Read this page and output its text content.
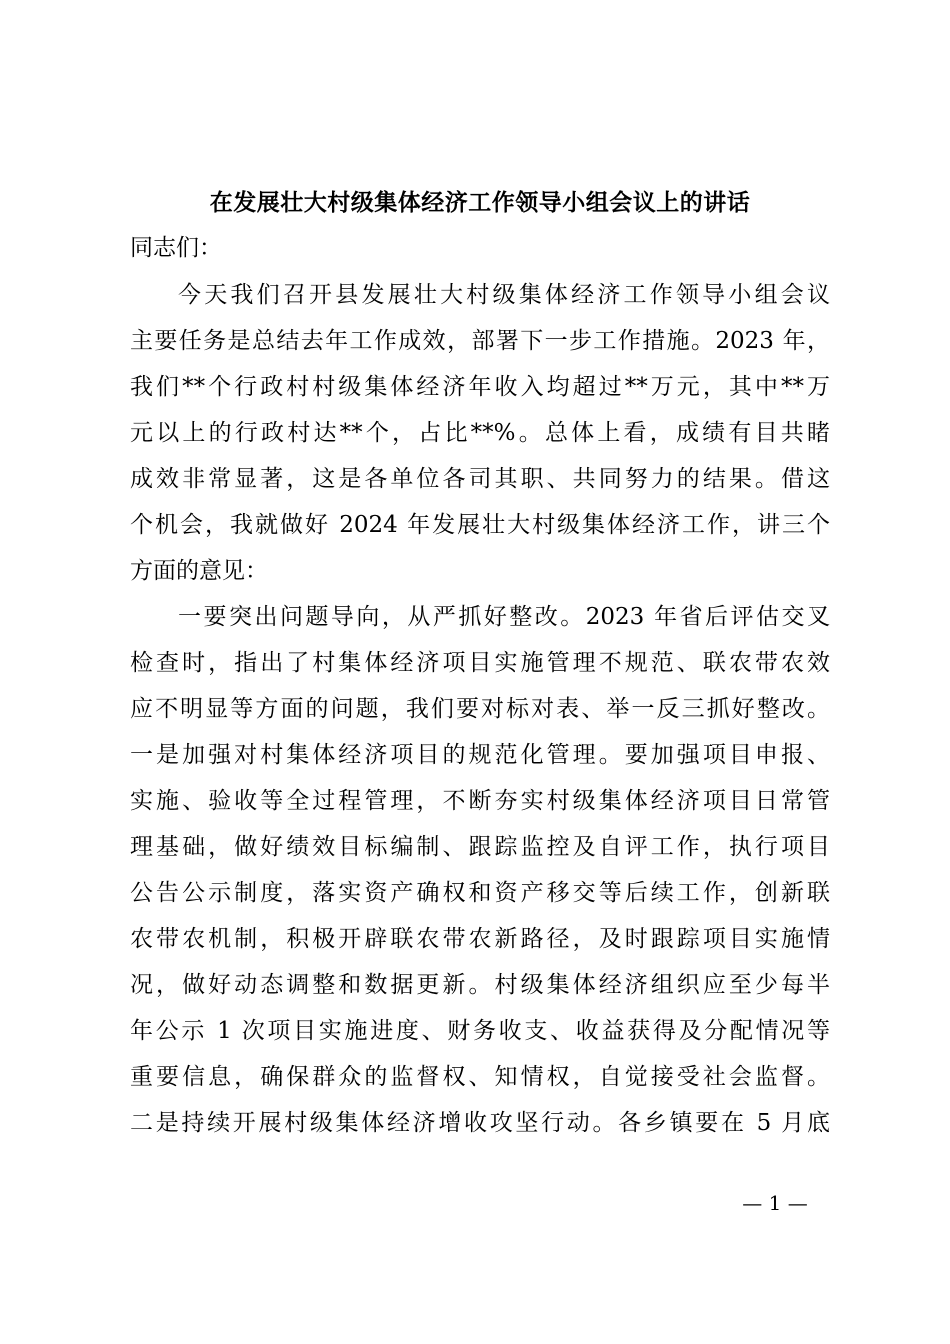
在发展壮大村级集体经济工作领导小组会议上的讲话
同志们：
今天我们召开县发展壮大村级集体经济工作领导小组会议
主要任务是总结去年工作成效，部署下一步工作措施。2023 年，
我们**个行政村村级集体经济年收入均超过**万元，其中**万
元以上的行政村达**个，占比**%。总体上看，成绩有目共睹
成效非常显著，这是各单位各司其职、共同努力的结果。借这
个机会，我就做好 2024 年发展壮大村级集体经济工作，讲三个
方面的意见：
一要突出问题导向，从严抓好整改。2023 年省后评估交叉
检查时，指出了村集体经济项目实施管理不规范、联农带农效
应不明显等方面的问题，我们要对标对表、举一反三抓好整改。
一是加强对村集体经济项目的规范化管理。要加强项目申报、
实施、验收等全过程管理，不断夯实村级集体经济项目日常管
理基础，做好绩效目标编制、跟踪监控及自评工作，执行项目
公告公示制度，落实资产确权和资产移交等后续工作，创新联
农带农机制，积极开辟联农带农新路径，及时跟踪项目实施情
况，做好动态调整和数据更新。村级集体经济组织应至少每半
年公示 1 次项目实施进度、财务收支、收益获得及分配情况等
重要信息，确保群众的监督权、知情权，自觉接受社会监督。
二是持续开展村级集体经济增收攻坚行动。各乡镇要在 5 月底
— 1 —
